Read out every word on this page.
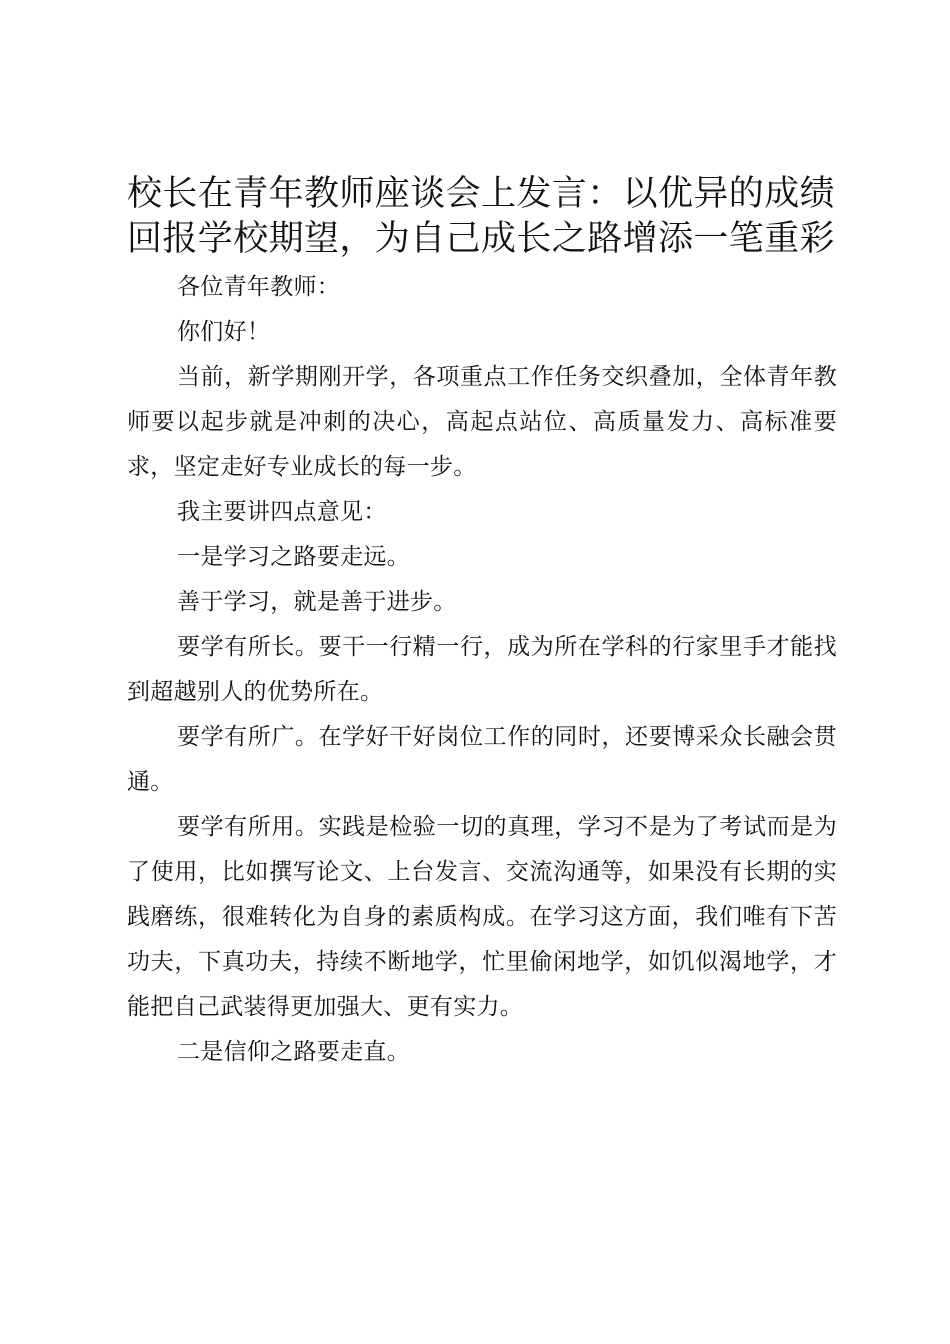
校长在青年教师座谈会上发言：以优异的成绩回报学校期望，为自己成长之路增添一笔重彩

各位青年教师：

你们好！

当前，新学期刚开学，各项重点工作任务交织叠加，全体青年教师要以起步就是冲刺的决心，高起点站位、高质量发力、高标准要求，坚定走好专业成长的每一步。

我主要讲四点意见：

一是学习之路要走远。

善于学习，就是善于进步。

要学有所长。要干一行精一行，成为所在学科的行家里手才能找到超越别人的优势所在。

要学有所广。在学好干好岗位工作的同时，还要博采众长融会贯通。

要学有所用。实践是检验一切的真理，学习不是为了考试而是为了使用，比如撰写论文、上台发言、交流沟通等，如果没有长期的实践磨练，很难转化为自身的素质构成。在学习这方面，我们唯有下苦功夫，下真功夫，持续不断地学，忙里偷闲地学，如饥似渴地学，才能把自己武装得更加强大、更有实力。

二是信仰之路要走直。
